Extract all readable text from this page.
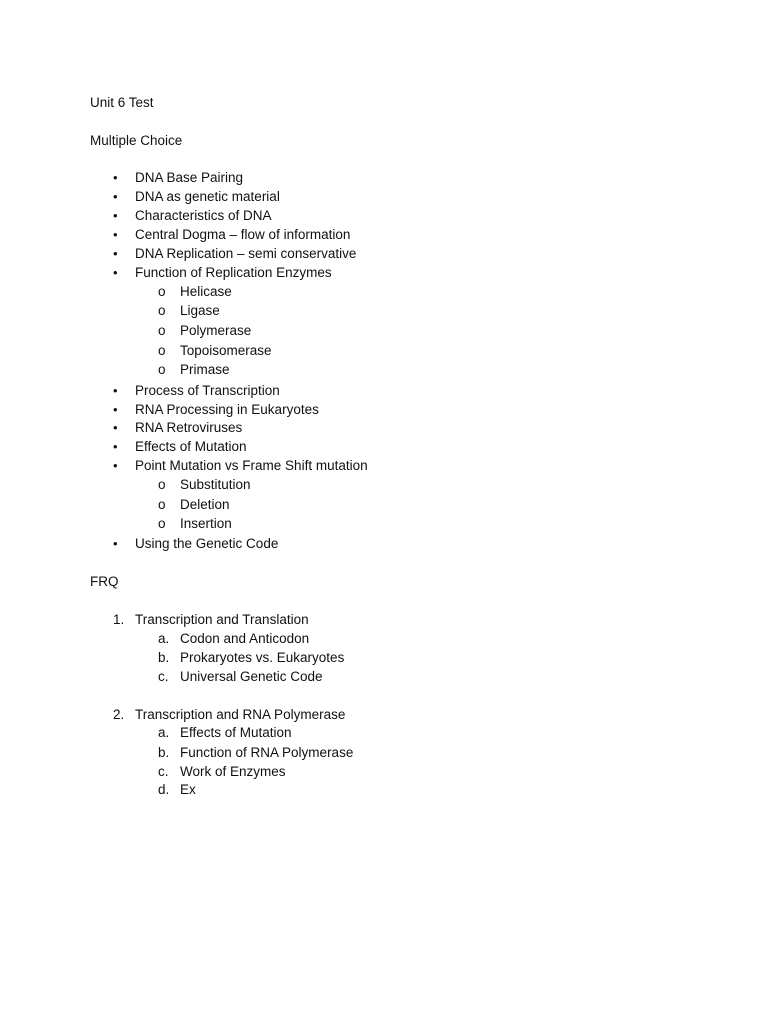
Unit 6 Test
Multiple Choice
• DNA Base Pairing
• DNA as genetic material
• Characteristics of DNA
• Central Dogma – flow of information
• DNA Replication – semi conservative
• Function of Replication Enzymes
o Helicase
o Ligase
o Polymerase
o Topoisomerase
o Primase
• Process of Transcription
• RNA Processing in Eukaryotes
• RNA Retroviruses
• Effects of Mutation
• Point Mutation vs Frame Shift mutation
o Substitution
o Deletion
o Insertion
• Using the Genetic Code
FRQ
1. Transcription and Translation
a. Codon and Anticodon
b. Prokaryotes vs. Eukaryotes
c. Universal Genetic Code
2. Transcription and RNA Polymerase
a. Effects of Mutation
b. Function of RNA Polymerase
c. Work of Enzymes
d. Ex
